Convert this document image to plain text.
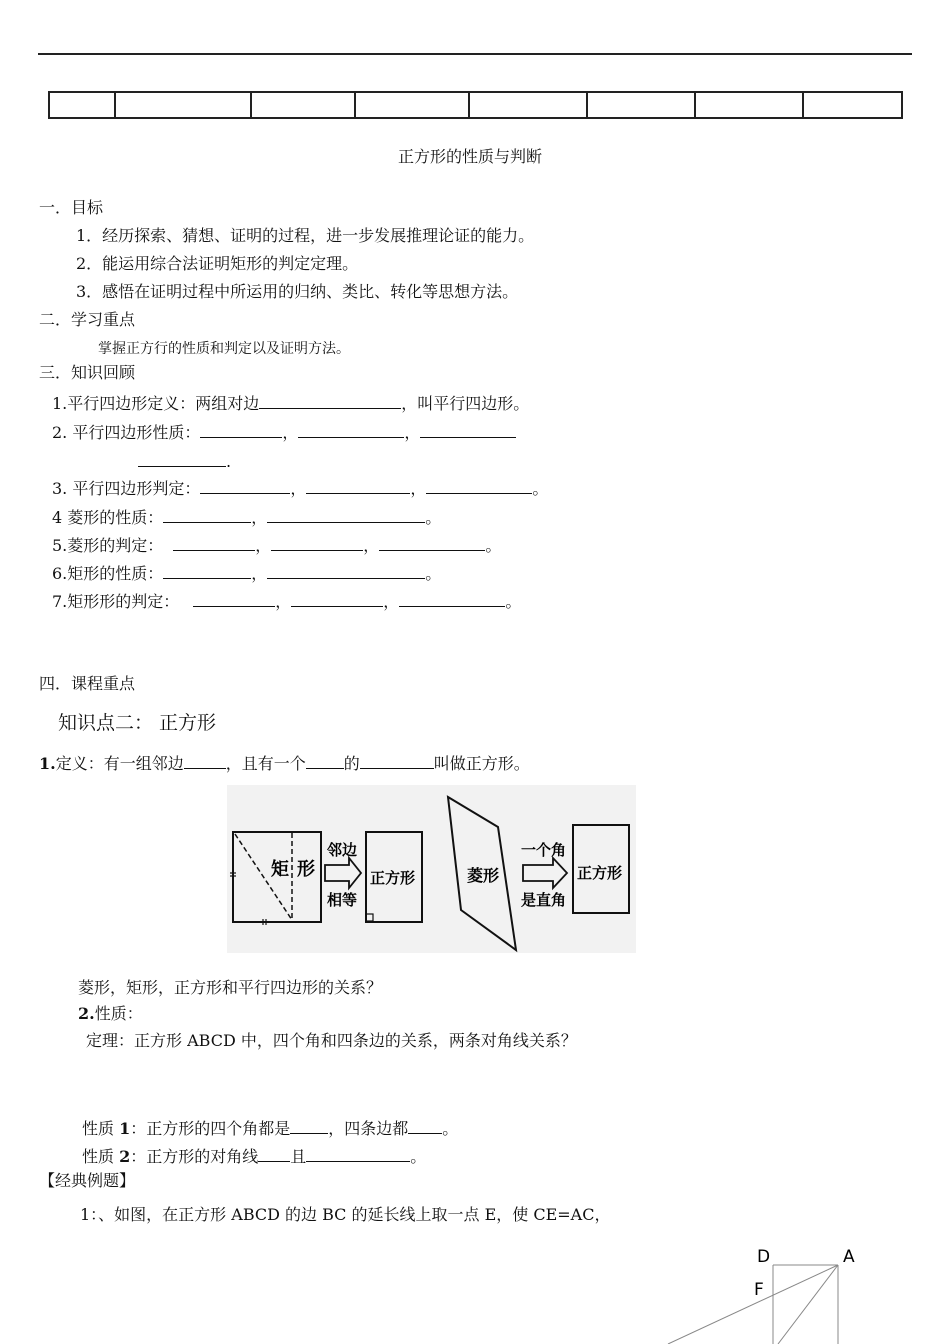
正方形的性质与判断
一．目标
1．经历探索、猜想、证明的过程，进一步发展推理论证的能力。
2．能运用综合法证明矩形的判定定理。
3．感悟在证明过程中所运用的归纳、类比、转化等思想方法。
二．学习重点
掌握正方行的性质和判定以及证明方法。
三．知识回顾
1.平行四边形定义：两组对边	，叫平行四边形。
2. 平行四边形性质：	，	，
.
3. 平行四边形判定：	，	，	。
4 菱形的性质：	，	。
5.菱形的判定：	，	，	。
6.矩形的性质：	，	。
7.矩形形的判定：	，	，	。
四．课程重点
知识点二： 正方形
1.定义：有一组邻边	，且有一个 的	叫做正方形。
矩 形
邻边
相等
正方形	菱形
一个角
是直角
正方形
菱形，矩形，正方形和平行四边形的关系？
2.性质：
定理：正方形 ABCD 中，四个角和四条边的关系，两条对角线关系？
性质 1：正方形的四个角都是 ，四条边都 。
性质 2：正方形的对角线 且	。
【经典例题】
1：、如图，在正方形 ABCD 的边 BC 的延长线上取一点 E，使 CE=AC，
D	A
F
